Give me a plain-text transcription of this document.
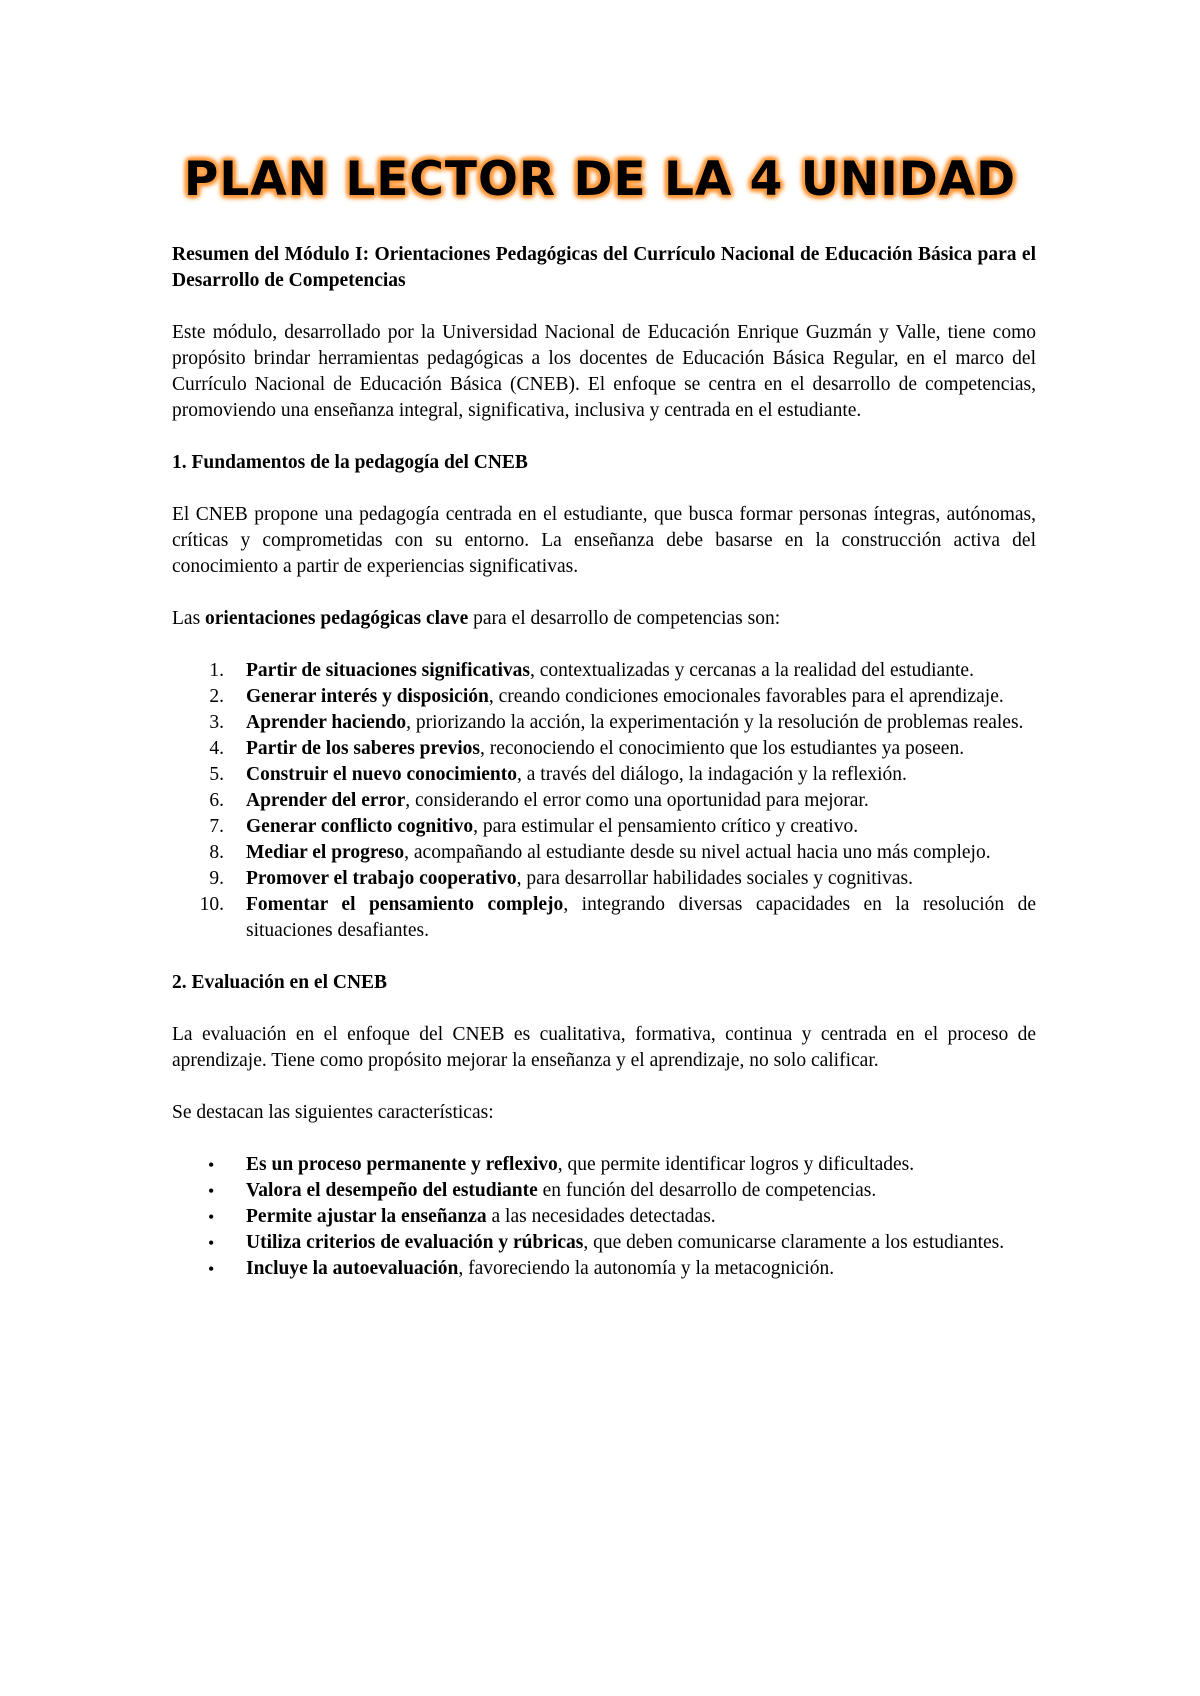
PLAN LECTOR DE LA 4 UNIDAD

Resumen del Módulo I: Orientaciones Pedagógicas del Currículo Nacional de Educación Básica para el Desarrollo de Competencias

Este módulo, desarrollado por la Universidad Nacional de Educación Enrique Guzmán y Valle, tiene como propósito brindar herramientas pedagógicas a los docentes de Educación Básica Regular, en el marco del Currículo Nacional de Educación Básica (CNEB). El enfoque se centra en el desarrollo de competencias, promoviendo una enseñanza integral, significativa, inclusiva y centrada en el estudiante.

1. Fundamentos de la pedagogía del CNEB

El CNEB propone una pedagogía centrada en el estudiante, que busca formar personas íntegras, autónomas, críticas y comprometidas con su entorno. La enseñanza debe basarse en la construcción activa del conocimiento a partir de experiencias significativas.

Las orientaciones pedagógicas clave para el desarrollo de competencias son:

1. Partir de situaciones significativas, contextualizadas y cercanas a la realidad del estudiante.
2. Generar interés y disposición, creando condiciones emocionales favorables para el aprendizaje.
3. Aprender haciendo, priorizando la acción, la experimentación y la resolución de problemas reales.
4. Partir de los saberes previos, reconociendo el conocimiento que los estudiantes ya poseen.
5. Construir el nuevo conocimiento, a través del diálogo, la indagación y la reflexión.
6. Aprender del error, considerando el error como una oportunidad para mejorar.
7. Generar conflicto cognitivo, para estimular el pensamiento crítico y creativo.
8. Mediar el progreso, acompañando al estudiante desde su nivel actual hacia uno más complejo.
9. Promover el trabajo cooperativo, para desarrollar habilidades sociales y cognitivas.
10. Fomentar el pensamiento complejo, integrando diversas capacidades en la resolución de situaciones desafiantes.

2. Evaluación en el CNEB

La evaluación en el enfoque del CNEB es cualitativa, formativa, continua y centrada en el proceso de aprendizaje. Tiene como propósito mejorar la enseñanza y el aprendizaje, no solo calificar.

Se destacan las siguientes características:

• Es un proceso permanente y reflexivo, que permite identificar logros y dificultades.
• Valora el desempeño del estudiante en función del desarrollo de competencias.
• Permite ajustar la enseñanza a las necesidades detectadas.
• Utiliza criterios de evaluación y rúbricas, que deben comunicarse claramente a los estudiantes.
• Incluye la autoevaluación, favoreciendo la autonomía y la metacognición.
